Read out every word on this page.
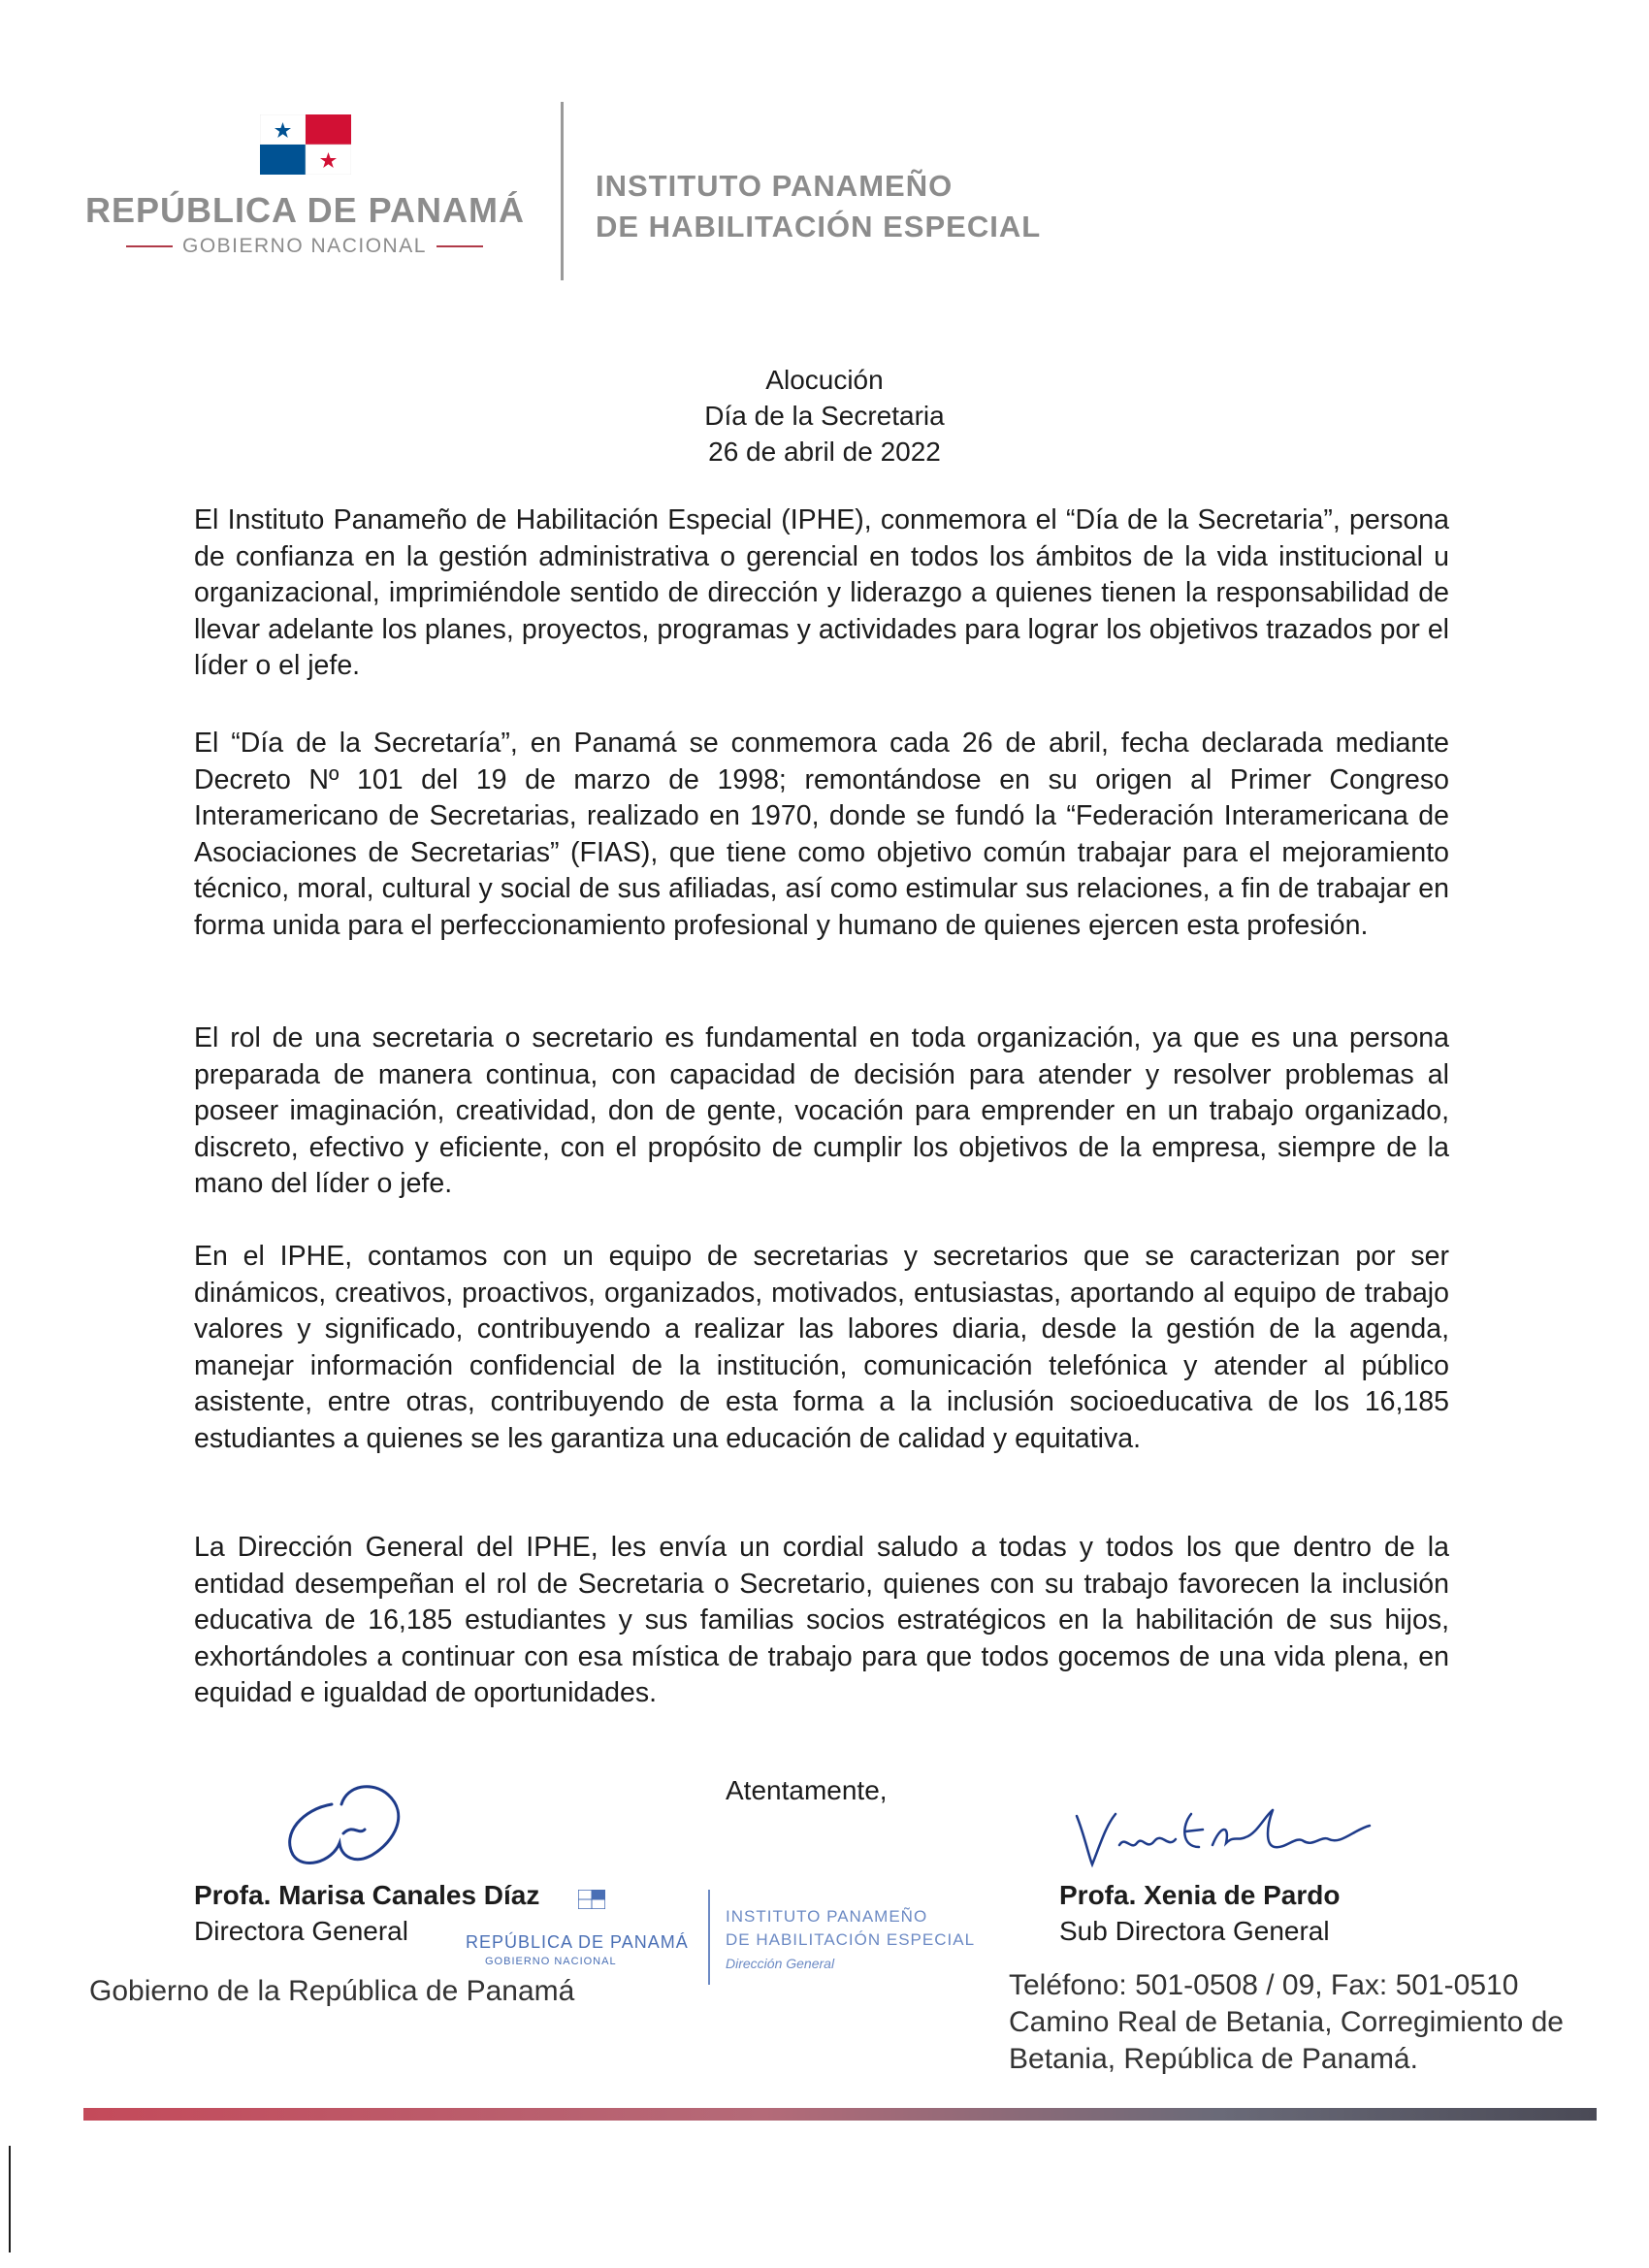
REPÚBLICA DE PANAMÁ
GOBIERNO NACIONAL
INSTITUTO PANAMEÑO
DE HABILITACIÓN ESPECIAL
Alocución
Día de la Secretaria
26 de abril de 2022

El Instituto Panameño de Habilitación Especial (IPHE), conmemora el “Día de la Secretaria”, persona de confianza en la gestión administrativa o gerencial en todos los ámbitos de la vida institucional u organizacional, imprimiéndole sentido de dirección y liderazgo a quienes tienen la responsabilidad de llevar adelante los planes, proyectos, programas y actividades para lograr los objetivos trazados por el líder o el jefe.

El “Día de la Secretaría”, en Panamá se conmemora cada 26 de abril, fecha declarada mediante Decreto Nº 101 del 19 de marzo de 1998; remontándose en su origen al Primer Congreso Interamericano de Secretarias, realizado en 1970, donde se fundó la “Federación Interamericana de Asociaciones de Secretarias” (FIAS), que tiene como objetivo común trabajar para el mejoramiento técnico, moral, cultural y social de sus afiliadas, así como estimular sus relaciones, a fin de trabajar en forma unida para el perfeccionamiento profesional y humano de quienes ejercen esta profesión.

El rol de una secretaria o secretario es fundamental en toda organización, ya que es una persona preparada de manera continua, con capacidad de decisión para atender y resolver problemas al poseer imaginación, creatividad, don de gente, vocación para emprender en un trabajo organizado, discreto, efectivo y eficiente, con el propósito de cumplir los objetivos de la empresa, siempre de la mano del líder o jefe.

En el IPHE, contamos con un equipo de secretarias y secretarios que se caracterizan por ser dinámicos, creativos, proactivos, organizados, motivados, entusiastas, aportando al equipo de trabajo valores y significado, contribuyendo a realizar las labores diaria, desde la gestión de la agenda, manejar información confidencial de la institución, comunicación telefónica y atender al público asistente, entre otras, contribuyendo de esta forma a la inclusión socioeducativa de los 16,185 estudiantes a quienes se les garantiza una educación de calidad y equitativa.

La Dirección General del IPHE, les envía un cordial saludo a todas y todos los que dentro de la entidad desempeñan el rol de Secretaria o Secretario, quienes con su trabajo favorecen la inclusión educativa de 16,185 estudiantes y sus familias socios estratégicos en la habilitación de sus hijos, exhortándoles a continuar con esa mística de trabajo para que todos gocemos de una vida plena, en equidad e igualdad de oportunidades.

Atentamente,
Profa. Marisa Canales Díaz
Directora General
Profa. Xenia de Pardo
Sub Directora General
REPÚBLICA DE PANAMÁ
GOBIERNO NACIONAL
INSTITUTO PANAMEÑO
DE HABILITACIÓN ESPECIAL
Dirección General
Gobierno de la República de Panamá	Teléfono: 501-0508 / 09, Fax: 501-0510
Camino Real de Betania, Corregimiento de
Betania, República de Panamá.
